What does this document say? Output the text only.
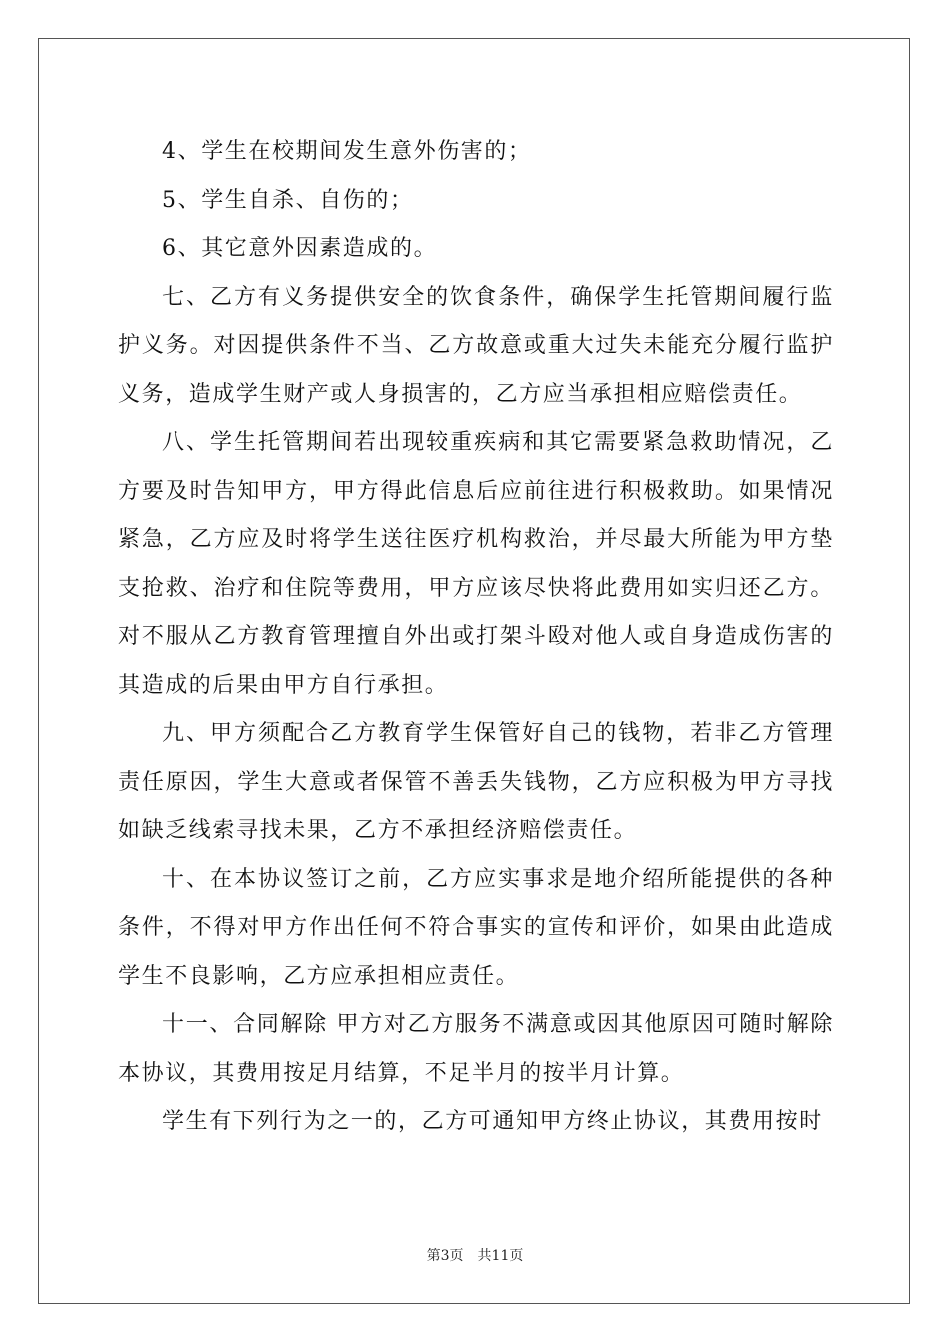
4、学生在校期间发生意外伤害的；

5、学生自杀、自伤的；

6、其它意外因素造成的。

七、乙方有义务提供安全的饮食条件，确保学生托管期间履行监护义务。对因提供条件不当、乙方故意或重大过失未能充分履行监护义务，造成学生财产或人身损害的，乙方应当承担相应赔偿责任。

八、学生托管期间若出现较重疾病和其它需要紧急救助情况，乙方要及时告知甲方，甲方得此信息后应前往进行积极救助。如果情况紧急，乙方应及时将学生送往医疗机构救治，并尽最大所能为甲方垫支抢救、治疗和住院等费用，甲方应该尽快将此费用如实归还乙方。对不服从乙方教育管理擅自外出或打架斗殴对他人或自身造成伤害的其造成的后果由甲方自行承担。

九、甲方须配合乙方教育学生保管好自己的钱物，若非乙方管理责任原因，学生大意或者保管不善丢失钱物，乙方应积极为甲方寻找如缺乏线索寻找未果，乙方不承担经济赔偿责任。

十、在本协议签订之前，乙方应实事求是地介绍所能提供的各种条件，不得对甲方作出任何不符合事实的宣传和评价，如果由此造成学生不良影响，乙方应承担相应责任。

十一、合同解除 甲方对乙方服务不满意或因其他原因可随时解除本协议，其费用按足月结算，不足半月的按半月计算。

学生有下列行为之一的，乙方可通知甲方终止协议，其费用按时

第3页 共11页
